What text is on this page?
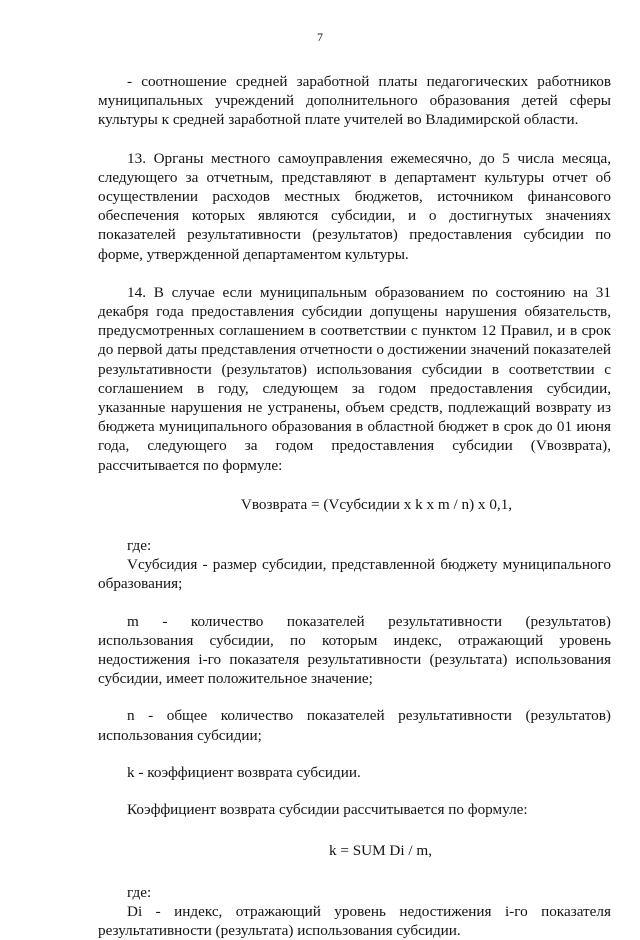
7

- соотношение средней заработной платы педагогических работников муниципальных учреждений дополнительного образования детей сферы культуры к средней заработной плате учителей во Владимирской области.

13. Органы местного самоуправления ежемесячно, до 5 числа месяца, следующего за отчетным, представляют в департамент культуры отчет об осуществлении расходов местных бюджетов, источником финансового обеспечения которых являются субсидии, и о достигнутых значениях показателей результативности (результатов) предоставления субсидии по форме, утвержденной департаментом культуры.

14. В случае если муниципальным образованием по состоянию на 31 декабря года предоставления субсидии допущены нарушения обязательств, предусмотренных соглашением в соответствии с пунктом 12 Правил, и в срок до первой даты представления отчетности о достижении значений показателей результативности (результатов) использования субсидии в соответствии с соглашением в году, следующем за годом предоставления субсидии, указанные нарушения не устранены, объем средств, подлежащий возврату из бюджета муниципального образования в областной бюджет в срок до 01 июня года, следующего за годом предоставления субсидии (Vвозврата), рассчитывается по формуле:

Vвозврата = (Vсубсидии x k x m / n) x 0,1,

где:

Vсубсидия - размер субсидии, представленной бюджету муниципального образования;

m - количество показателей результативности (результатов) использования субсидии, по которым индекс, отражающий уровень недостижения i-го показателя результативности (результата) использования субсидии, имеет положительное значение;

n - общее количество показателей результативности (результатов) использования субсидии;

k - коэффициент возврата субсидии.

Коэффициент возврата субсидии рассчитывается по формуле:

k = SUM Di / m,

где:

Di - индекс, отражающий уровень недостижения i-го показателя результативности (результата) использования субсидии.
